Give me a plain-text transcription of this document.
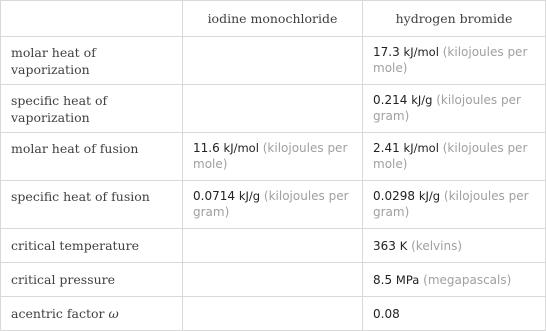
	iodine monochloride	hydrogen bromide
molar heat of vaporization		17.3 kJ/mol (kilojoules per mole)
specific heat of vaporization		0.214 kJ/g (kilojoules per gram)
molar heat of fusion	11.6 kJ/mol (kilojoules per mole)	2.41 kJ/mol (kilojoules per mole)
specific heat of fusion	0.0714 kJ/g (kilojoules per gram)	0.0298 kJ/g (kilojoules per gram)
critical temperature		363 K (kelvins)
critical pressure		8.5 MPa (megapascals)
acentric factor ω		0.08
